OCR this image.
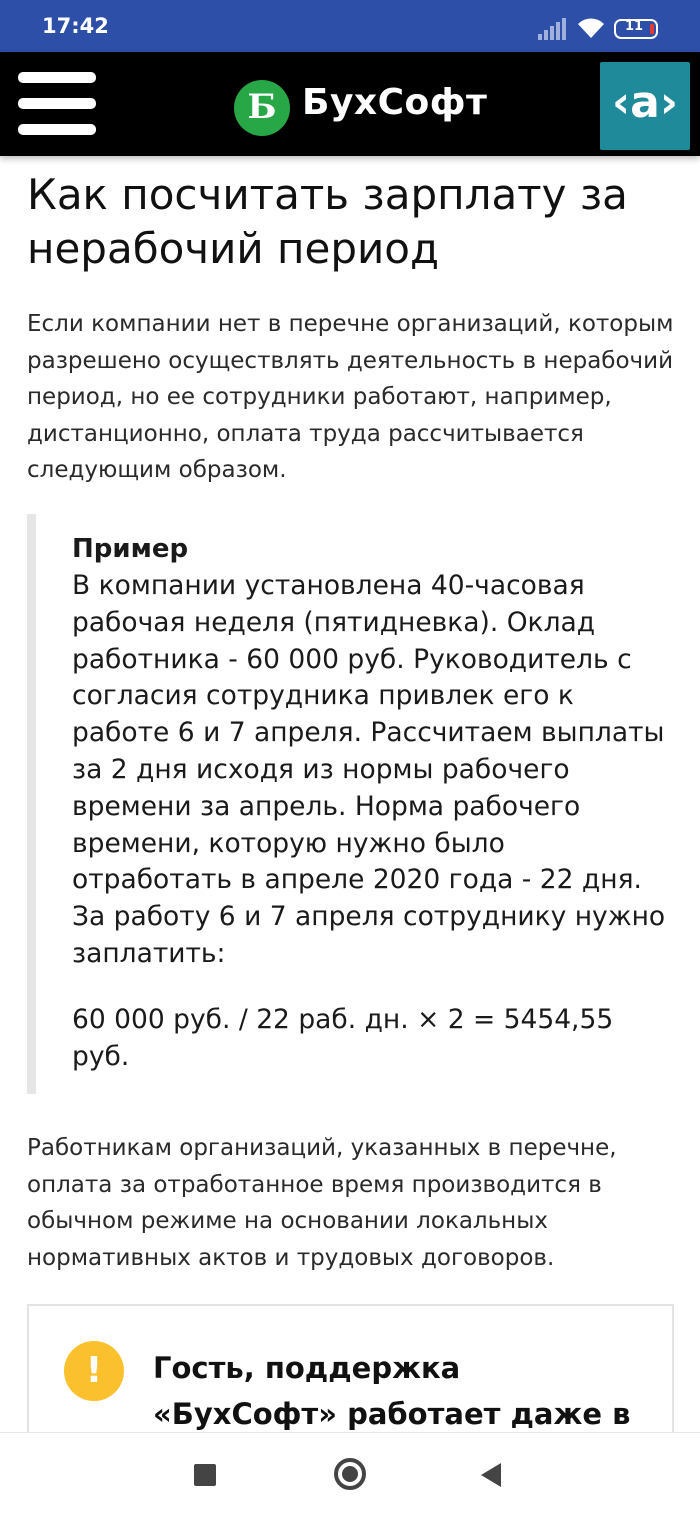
17:42	11
Б БухСофт	‹a›
Как посчитать зарплату за нерабочий период

Если компании нет в перечне организаций, которым разрешено осуществлять деятельность в нерабочий период, но ее сотрудники работают, например, дистанционно, оплата труда рассчитывается следующим образом.

Пример
В компании установлена 40-часовая рабочая неделя (пятидневка). Оклад работника - 60 000 руб. Руководитель с согласия сотрудника привлек его к работе 6 и 7 апреля. Рассчитаем выплаты за 2 дня исходя из нормы рабочего времени за апрель. Норма рабочего времени, которую нужно было отработать в апреле 2020 года - 22 дня. За работу 6 и 7 апреля сотруднику нужно заплатить:
60 000 руб. / 22 раб. дн. × 2 = 5454,55 руб.

Работникам организаций, указанных в перечне, оплата за отработанное время производится в обычном режиме на основании локальных нормативных актов и трудовых договоров.

!	Гость, поддержка «БухСофт» работает даже в
